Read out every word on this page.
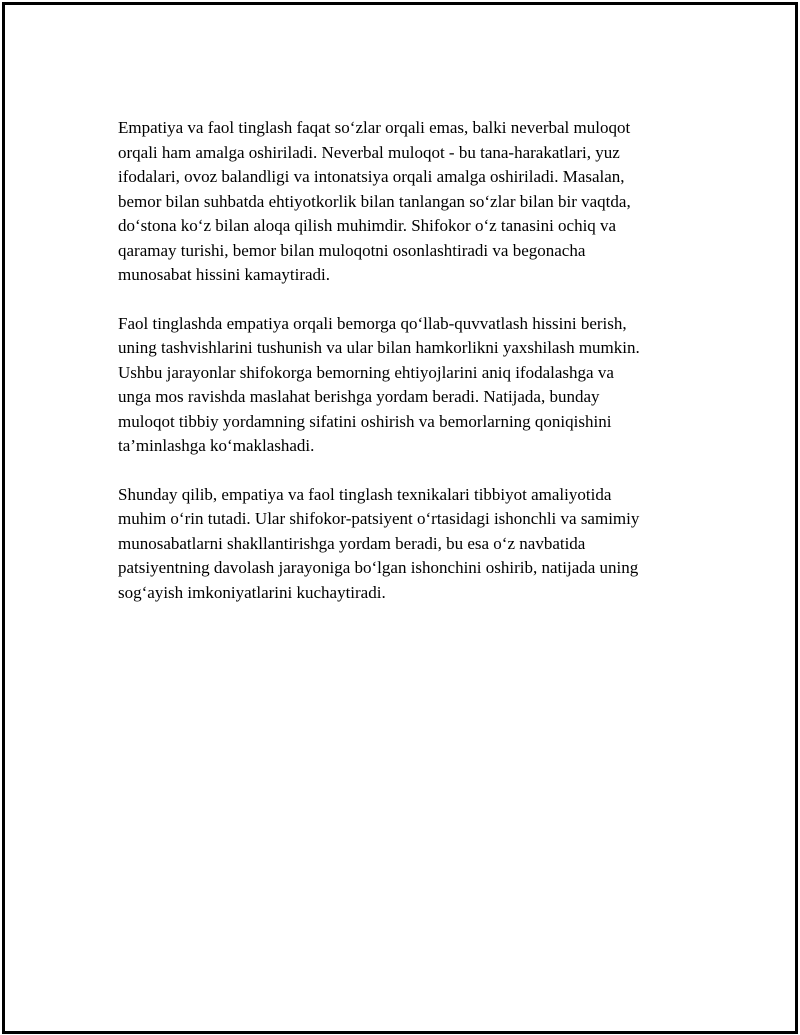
Empatiya va faol tinglash faqat so‘zlar orqali emas, balki neverbal muloqot
orqali ham amalga oshiriladi. Neverbal muloqot - bu tana-harakatlari, yuz
ifodalari, ovoz balandligi va intonatsiya orqali amalga oshiriladi. Masalan,
bemor bilan suhbatda ehtiyotkorlik bilan tanlangan so‘zlar bilan bir vaqtda,
do‘stona ko‘z bilan aloqa qilish muhimdir. Shifokor o‘z tanasini ochiq va
qaramay turishi, bemor bilan muloqotni osonlashtiradi va begonacha
munosabat hissini kamaytiradi.

Faol tinglashda empatiya orqali bemorga qo‘llab-quvvatlash hissini berish,
uning tashvishlarini tushunish va ular bilan hamkorlikni yaxshilash mumkin.
Ushbu jarayonlar shifokorga bemorning ehtiyojlarini aniq ifodalashga va
unga mos ravishda maslahat berishga yordam beradi. Natijada, bunday
muloqot tibbiy yordamning sifatini oshirish va bemorlarning qoniqishini
ta’minlashga ko‘maklashadi.

Shunday qilib, empatiya va faol tinglash texnikalari tibbiyot amaliyotida
muhim o‘rin tutadi. Ular shifokor-patsiyent o‘rtasidagi ishonchli va samimiy
munosabatlarni shakllantirishga yordam beradi, bu esa o‘z navbatida
patsiyentning davolash jarayoniga bo‘lgan ishonchini oshirib, natijada uning
sog‘ayish imkoniyatlarini kuchaytiradi.
